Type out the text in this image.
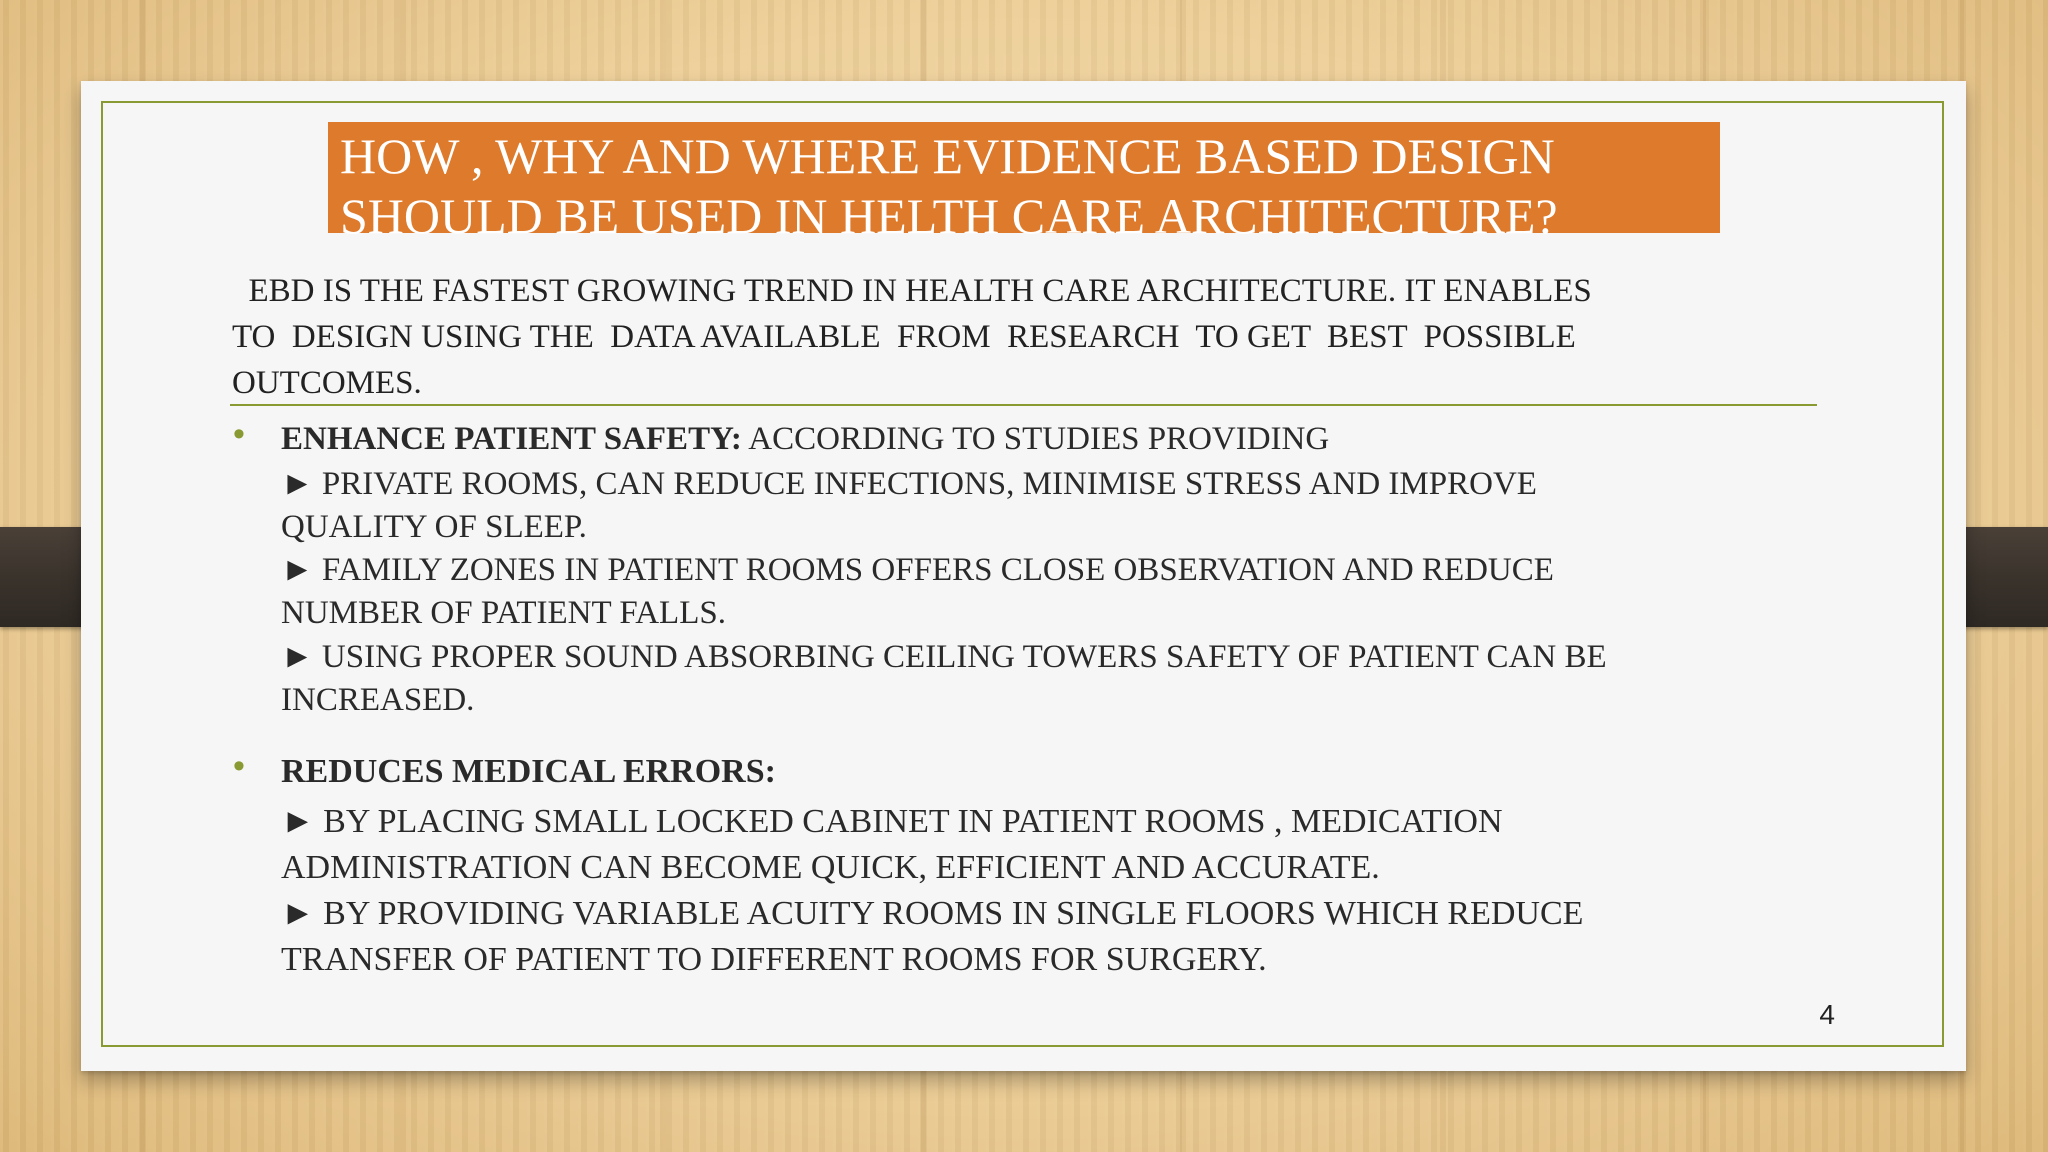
HOW , WHY AND WHERE EVIDENCE BASED DESIGN
SHOULD BE USED IN HELTH CARE ARCHITECTURE?
EBD IS THE FASTEST GROWING TREND IN HEALTH CARE ARCHITECTURE. IT ENABLES
TO  DESIGN USING THE  DATA AVAILABLE  FROM  RESEARCH  TO GET  BEST  POSSIBLE
OUTCOMES.
• ENHANCE PATIENT SAFETY: ACCORDING TO STUDIES PROVIDING
► PRIVATE ROOMS, CAN REDUCE INFECTIONS, MINIMISE STRESS AND IMPROVE
QUALITY OF SLEEP.
► FAMILY ZONES IN PATIENT ROOMS OFFERS CLOSE OBSERVATION AND REDUCE
NUMBER OF PATIENT FALLS.
► USING PROPER SOUND ABSORBING CEILING TOWERS SAFETY OF PATIENT CAN BE
INCREASED.
• REDUCES MEDICAL ERRORS:
► BY PLACING SMALL LOCKED CABINET IN PATIENT ROOMS , MEDICATION
ADMINISTRATION CAN BECOME QUICK, EFFICIENT AND ACCURATE.
► BY PROVIDING VARIABLE ACUITY ROOMS IN SINGLE FLOORS WHICH REDUCE
TRANSFER OF PATIENT TO DIFFERENT ROOMS FOR SURGERY.
4
